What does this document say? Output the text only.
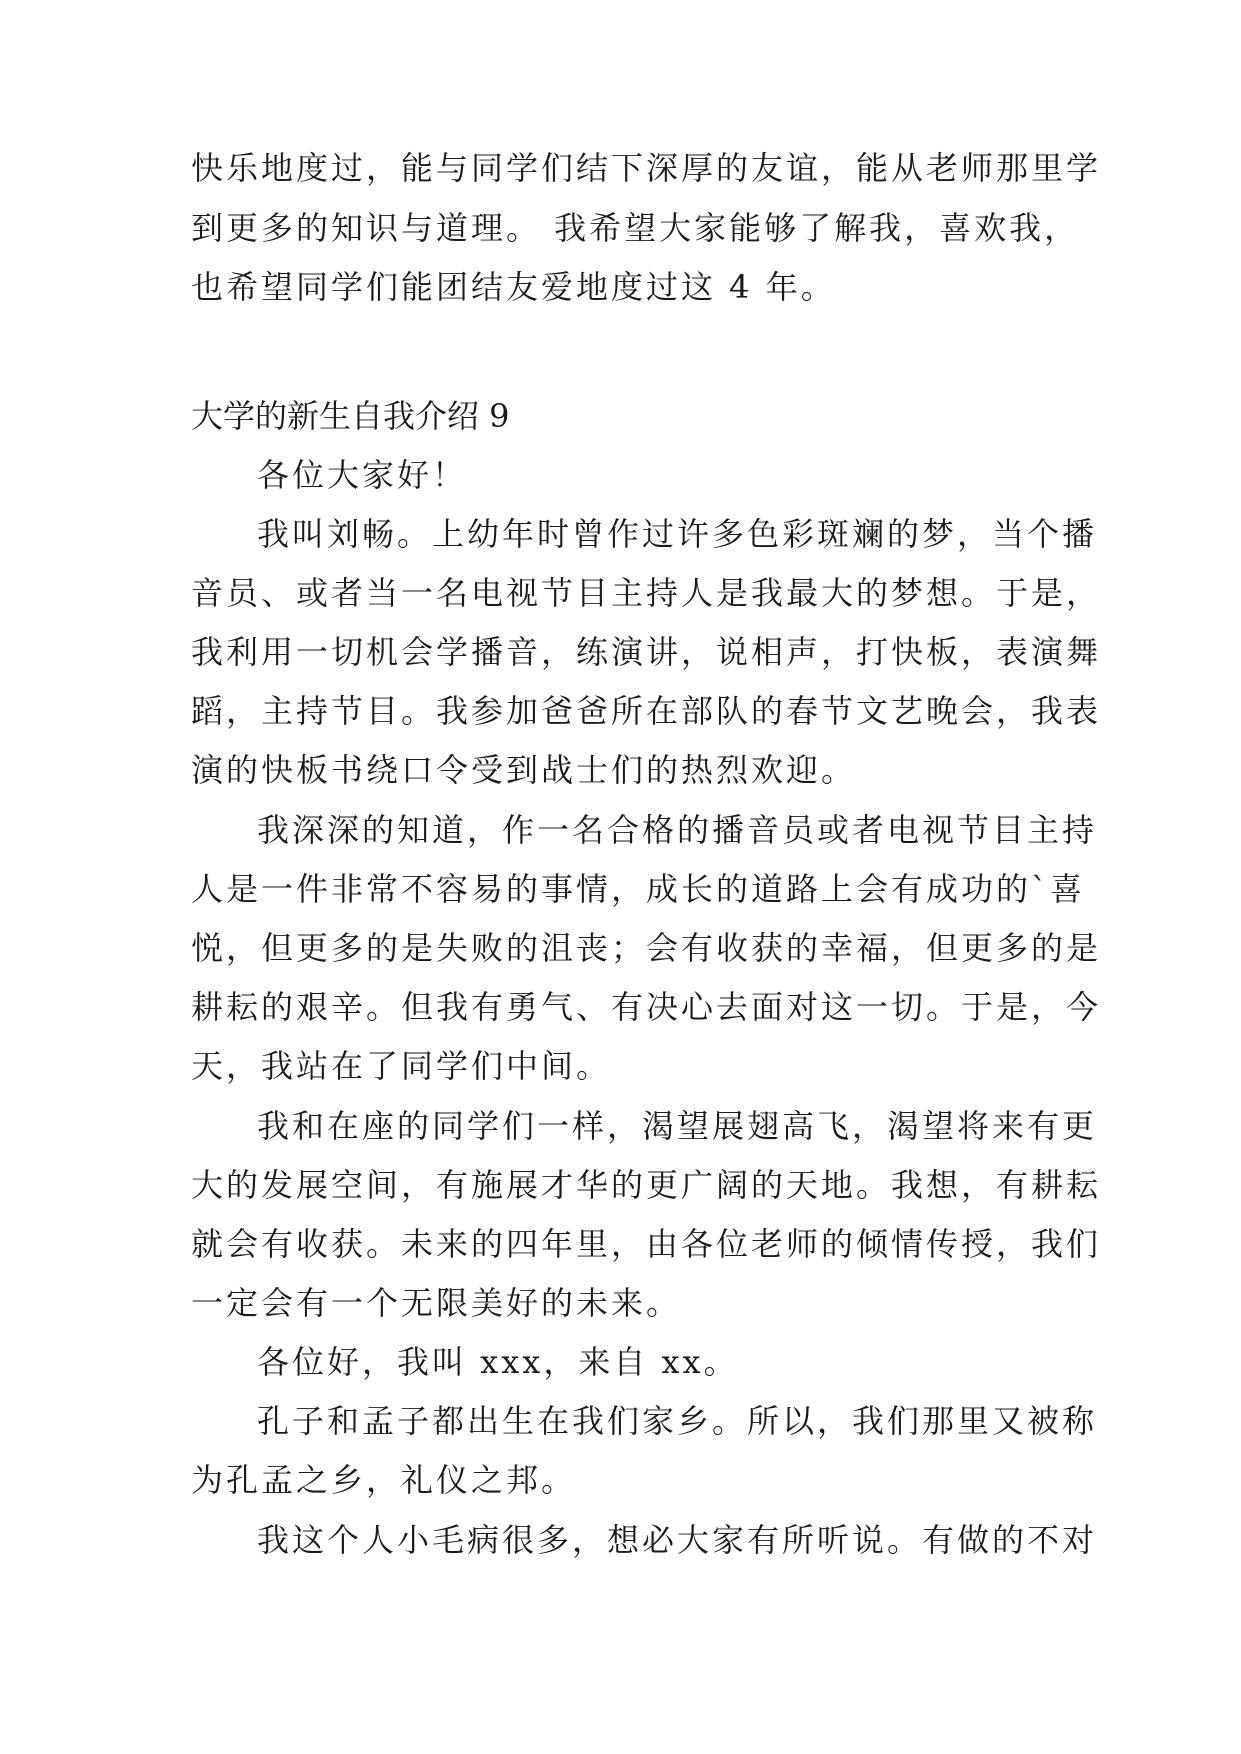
快乐地度过，能与同学们结下深厚的友谊，能从老师那里学

到更多的知识与道理。 我希望大家能够了解我，喜欢我，

也希望同学们能团结友爱地度过这 4 年。

大学的新生自我介绍 9

各位大家好！

我叫刘畅。上幼年时曾作过许多色彩斑斓的梦，当个播

音员、或者当一名电视节目主持人是我最大的梦想。于是，

我利用一切机会学播音，练演讲，说相声，打快板，表演舞

蹈，主持节目。我参加爸爸所在部队的春节文艺晚会，我表

演的快板书绕口令受到战士们的热烈欢迎。

我深深的知道，作一名合格的播音员或者电视节目主持

人是一件非常不容易的事情，成长的道路上会有成功的`喜

悦，但更多的是失败的沮丧；会有收获的幸福，但更多的是

耕耘的艰辛。但我有勇气、有决心去面对这一切。于是，今

天，我站在了同学们中间。

我和在座的同学们一样，渴望展翅高飞，渴望将来有更

大的发展空间，有施展才华的更广阔的天地。我想，有耕耘

就会有收获。未来的四年里，由各位老师的倾情传授，我们

一定会有一个无限美好的未来。

各位好，我叫 xxx，来自 xx。

孔子和孟子都出生在我们家乡。所以，我们那里又被称

为孔孟之乡，礼仪之邦。

我这个人小毛病很多，想必大家有所听说。有做的不对
